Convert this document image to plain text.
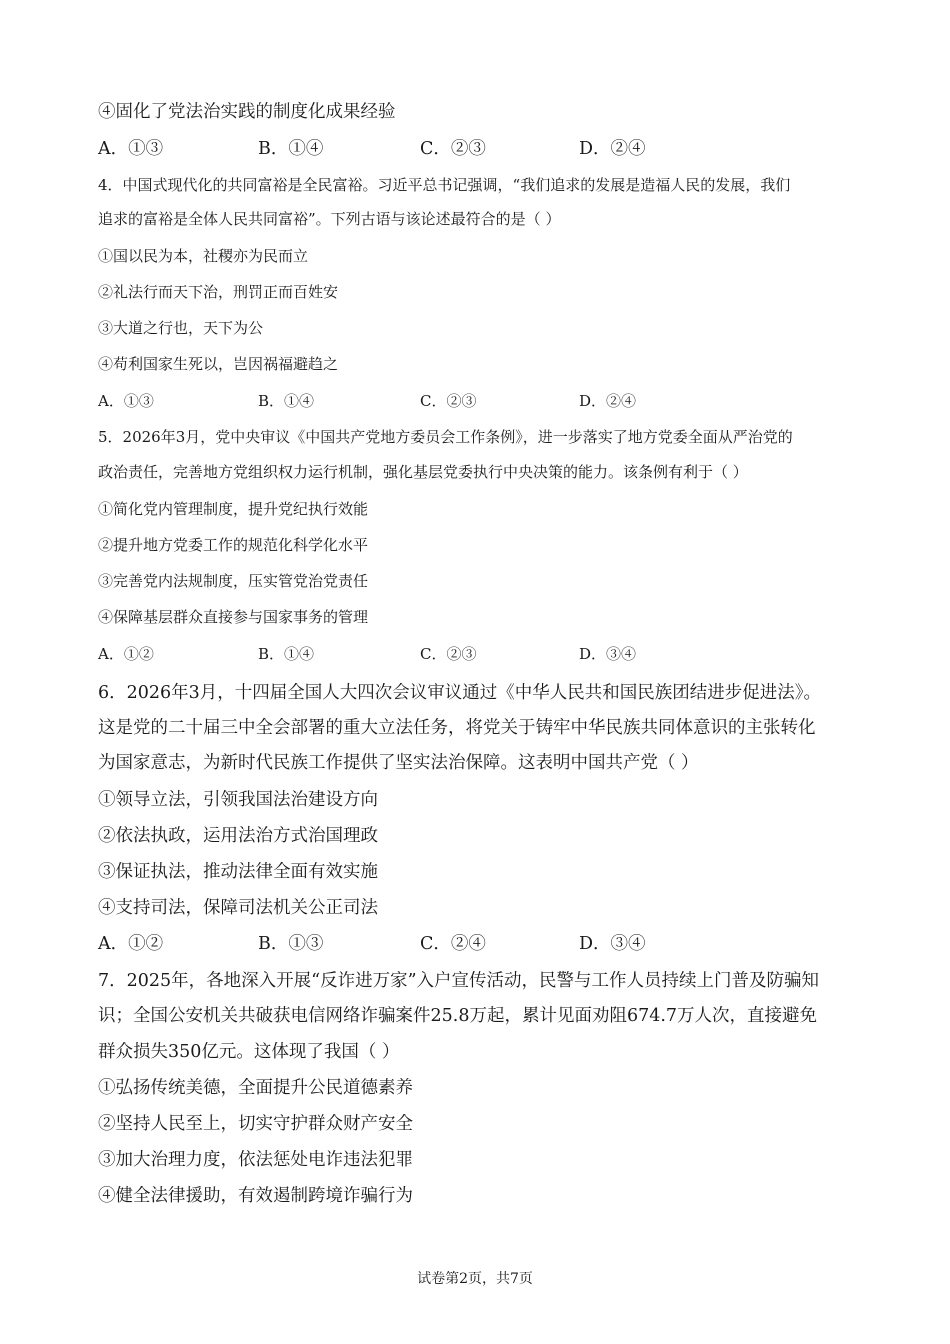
④固化了党法治实践的制度化成果经验
A．①③	B．①④	C．②③	D．②④
4．中国式现代化的共同富裕是全民富裕。习近平总书记强调，“我们追求的发展是造福人民的发展，我们
追求的富裕是全体人民共同富裕”。下列古语与该论述最符合的是（ ）
①国以民为本，社稷亦为民而立
②礼法行而天下治，刑罚正而百姓安
③大道之行也，天下为公
④苟利国家生死以，岂因祸福避趋之
A．①③	B．①④	C．②③	D．②④
5．2026年3月，党中央审议《中国共产党地方委员会工作条例》，进一步落实了地方党委全面从严治党的
政治责任，完善地方党组织权力运行机制，强化基层党委执行中央决策的能力。该条例有利于（ ）
①简化党内管理制度，提升党纪执行效能
②提升地方党委工作的规范化科学化水平
③完善党内法规制度，压实管党治党责任
④保障基层群众直接参与国家事务的管理
A．①②	B．①④	C．②③	D．③④
6．2026年3月，十四届全国人大四次会议审议通过《中华人民共和国民族团结进步促进法》。
这是党的二十届三中全会部署的重大立法任务，将党关于铸牢中华民族共同体意识的主张转化
为国家意志，为新时代民族工作提供了坚实法治保障。这表明中国共产党（ ）
①领导立法，引领我国法治建设方向
②依法执政，运用法治方式治国理政
③保证执法，推动法律全面有效实施
④支持司法，保障司法机关公正司法
A．①②	B．①③	C．②④	D．③④
7．2025年，各地深入开展“反诈进万家”入户宣传活动，民警与工作人员持续上门普及防骗知
识；全国公安机关共破获电信网络诈骗案件25.8万起，累计见面劝阻674.7万人次，直接避免
群众损失350亿元。这体现了我国（ ）
①弘扬传统美德，全面提升公民道德素养
②坚持人民至上，切实守护群众财产安全
③加大治理力度，依法惩处电诈违法犯罪
④健全法律援助，有效遏制跨境诈骗行为
试卷第2页，共7页
